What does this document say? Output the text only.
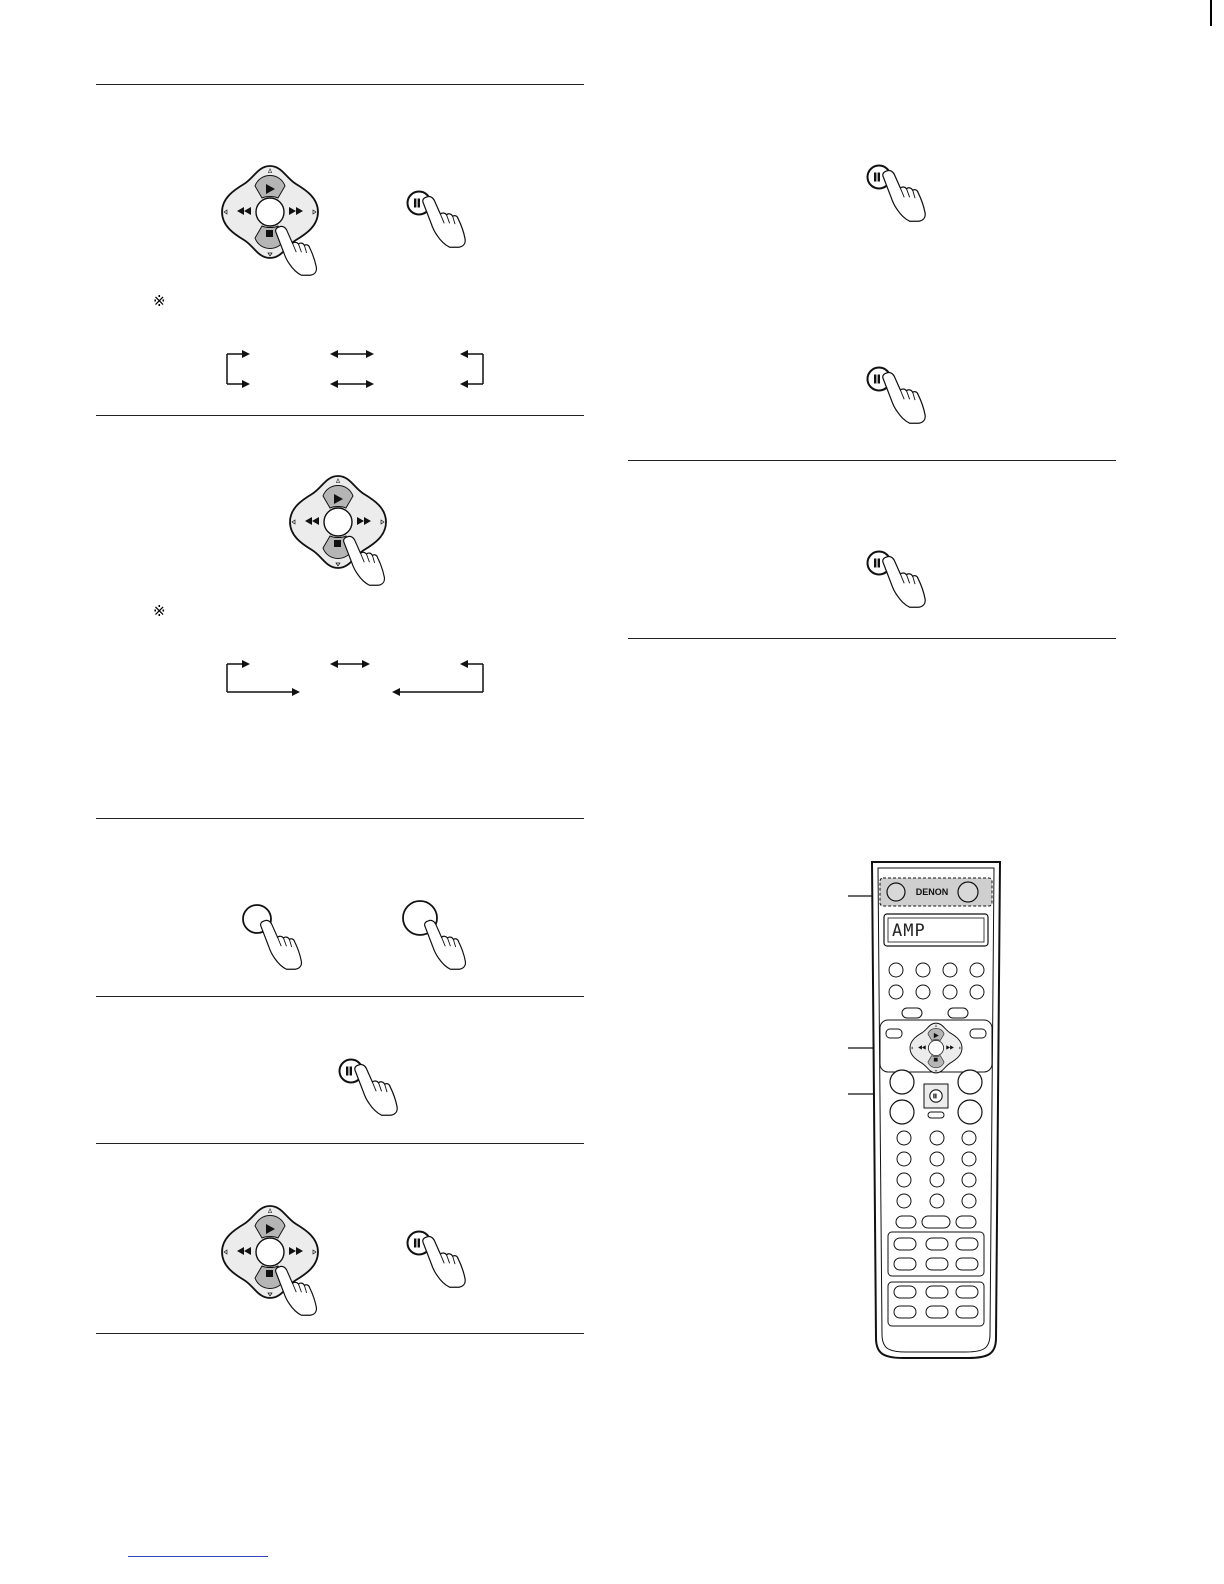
※
※
DENON
AMP
